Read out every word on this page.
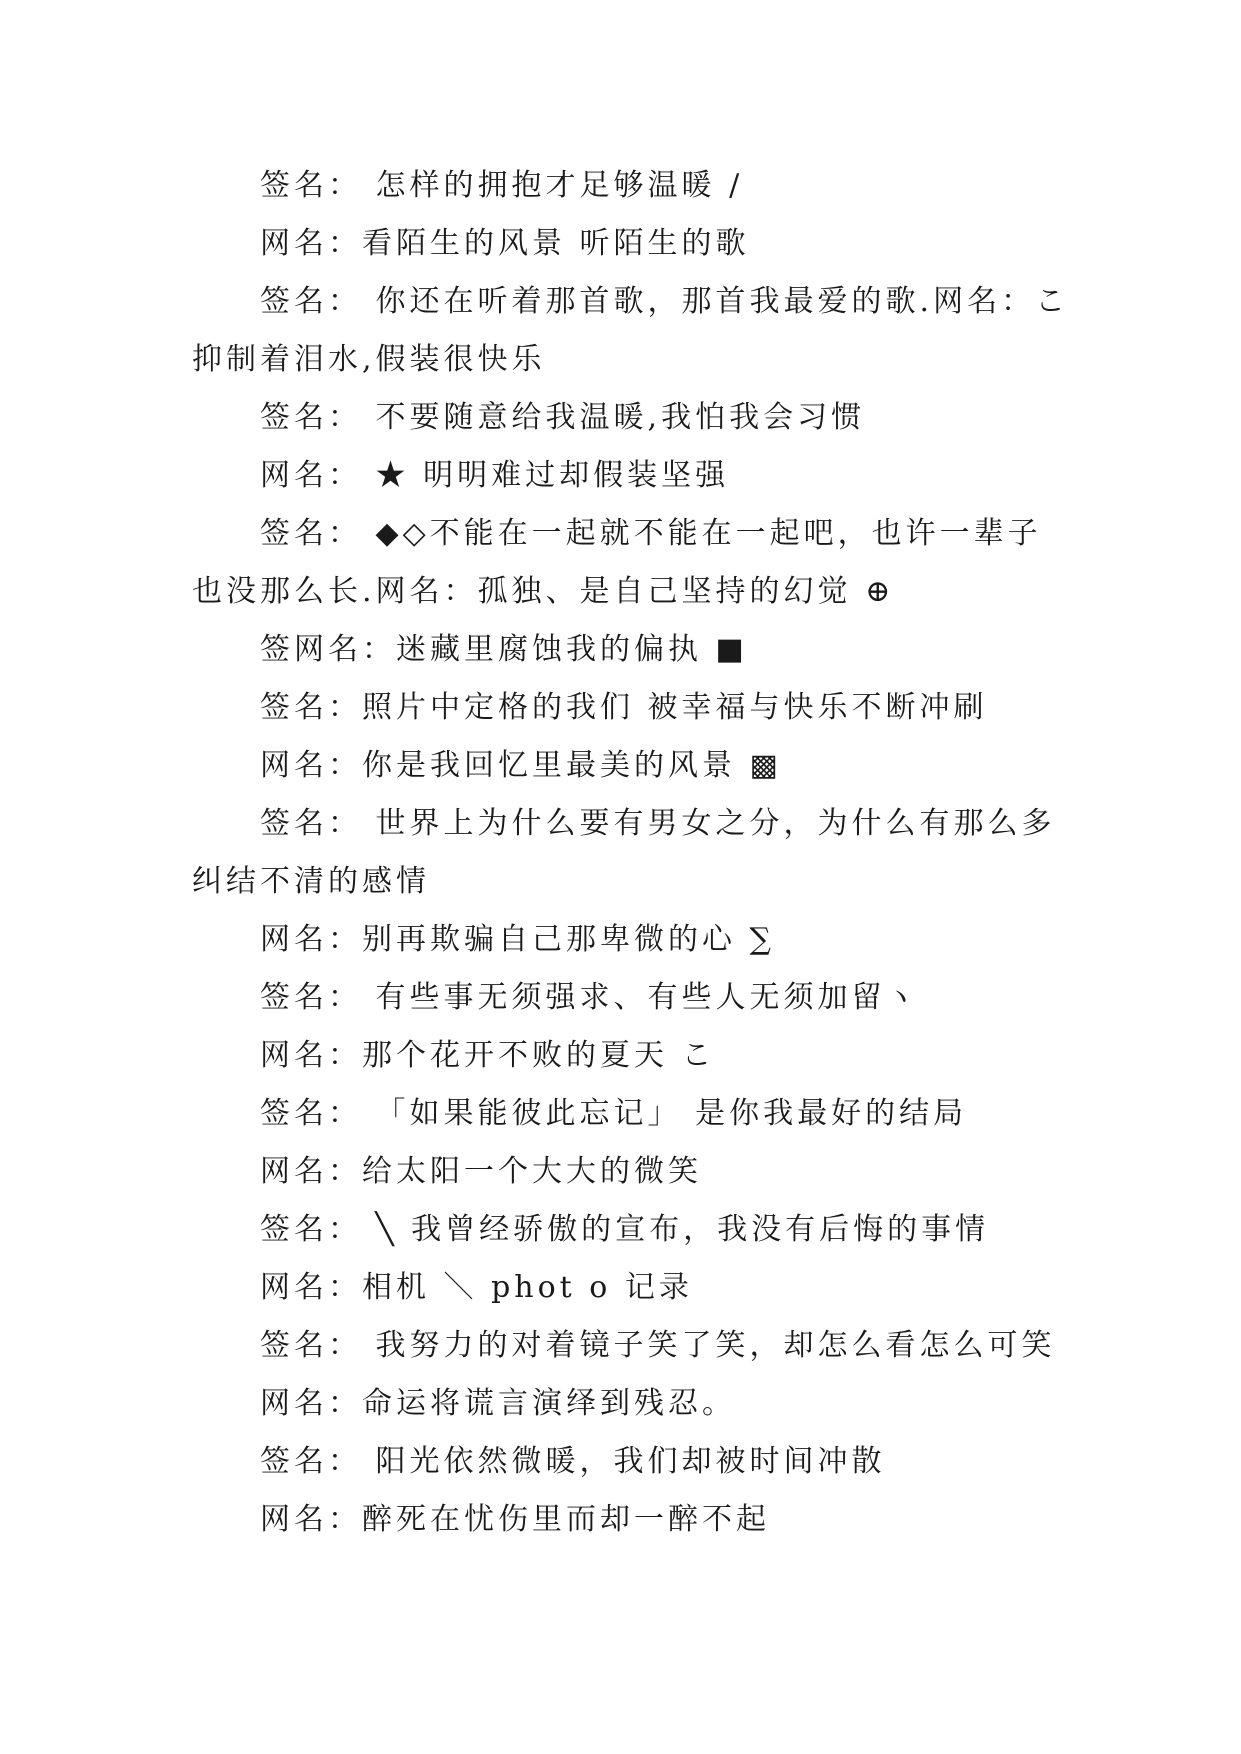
签名： 怎样的拥抱才足够温暖 /

网名：看陌生的风景 听陌生的歌

签名： 你还在听着那首歌，那首我最爱的歌.网名：こ抑制着泪水,假装很快乐

签名： 不要随意给我温暖,我怕我会习惯

网名： ★ 明明难过却假装坚强

签名： ◆◇不能在一起就不能在一起吧，也许一辈子也没那么长.网名：孤独、是自己坚持的幻觉 ⊕

签网名：迷藏里腐蚀我的偏执 ■

签名：照片中定格的我们 被幸福与快乐不断冲刷

网名：你是我回忆里最美的风景 ▩

签名： 世界上为什么要有男女之分，为什么有那么多纠结不清的感情

网名：别再欺骗自己那卑微的心 ∑

签名： 有些事无须强求、有些人无须加留ヽ

网名：那个花开不败的夏天 こ

签名： 「如果能彼此忘记」 是你我最好的结局

网名：给太阳一个大大的微笑

签名： ╲ 我曾经骄傲的宣布，我没有后悔的事情

网名：相机 ＼ phot o 记录

签名： 我努力的对着镜子笑了笑，却怎么看怎么可笑

网名：命运将谎言演绎到残忍。

签名： 阳光依然微暖，我们却被时间冲散

网名：醉死在忧伤里而却一醉不起
